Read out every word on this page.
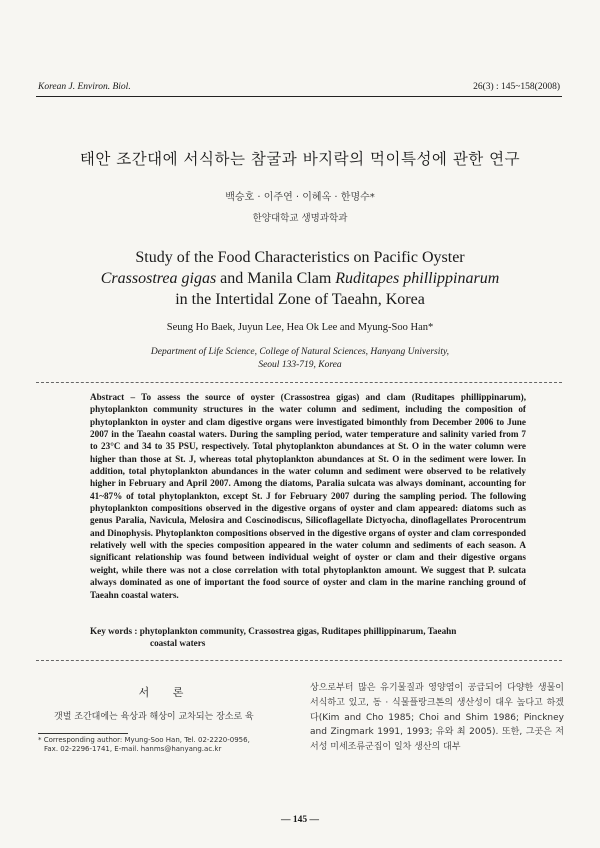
Korean J. Environ. Biol.	26(3) : 145~158(2008)
태안 조간대에 서식하는 참굴과 바지락의 먹이특성에 관한 연구
백승호 · 이주연 · 이혜옥 · 한명수*
한양대학교 생명과학과
Study of the Food Characteristics on Pacific Oyster
Crassostrea gigas and Manila Clam Ruditapes phillippinarum
in the Intertidal Zone of Taeahn, Korea
Seung Ho Baek, Juyun Lee, Hea Ok Lee and Myung-Soo Han*
Department of Life Science, College of Natural Sciences, Hanyang University,
Seoul 133-719, Korea
Abstract – To assess the source of oyster (Crassostrea gigas) and clam (Ruditapes phillippinarum), phytoplankton community structures in the water column and sediment, including the composition of phytoplankton in oyster and clam digestive organs were investigated bimonthly from December 2006 to June 2007 in the Taeahn coastal waters. During the sampling period, water temperature and salinity varied from 7 to 23°C and 34 to 35 PSU, respectively. Total phytoplankton abundances at St. O in the water column were higher than those at St. J, whereas total phytoplankton abundances at St. O in the sediment were lower. In addition, total phytoplankton abundances in the water column and sediment were observed to be relatively higher in February and April 2007. Among the diatoms, Paralia sulcata was always dominant, accounting for 41~87% of total phytoplankton, except St. J for February 2007 during the sampling period. The following phytoplankton compositions observed in the digestive organs of oyster and clam appeared: diatoms such as genus Paralia, Navicula, Melosira and Coscinodiscus, Silicoflagellate Dictyocha, dinoflagellates Prorocentrum and Dinophysis. Phytoplankton compositions observed in the digestive organs of oyster and clam corresponded relatively well with the species composition appeared in the water column and sediments of each season. A significant relationship was found between individual weight of oyster or clam and their digestive organs weight, while there was not a close correlation with total phytoplankton amount. We suggest that P. sulcata always dominated as one of important the food source of oyster and clam in the marine ranching ground of Taeahn coastal waters.
Key words : phytoplankton community, Crassostrea gigas, Ruditapes phillippinarum, Taeahn
coastal waters
서 론
갯벌 조간대에는 육상과 해상이 교차되는 장소로 육
* Corresponding author: Myung-Soo Han, Tel. 02-2220-0956,
Fax. 02-2296-1741, E-mail. hanms@hanyang.ac.kr
상으로부터 많은 유기물질과 영양염이 공급되어 다양한 생물이 서식하고 있고, 동 · 식물플랑크톤의 생산성이 대우 높다고 하겠다(Kim and Cho 1985; Choi and Shim 1986; Pinckney and Zingmark 1991, 1993; 유와 최 2005). 또한, 그곳은 저서성 미세조류군집이 일차 생산의 대부
— 145 —
